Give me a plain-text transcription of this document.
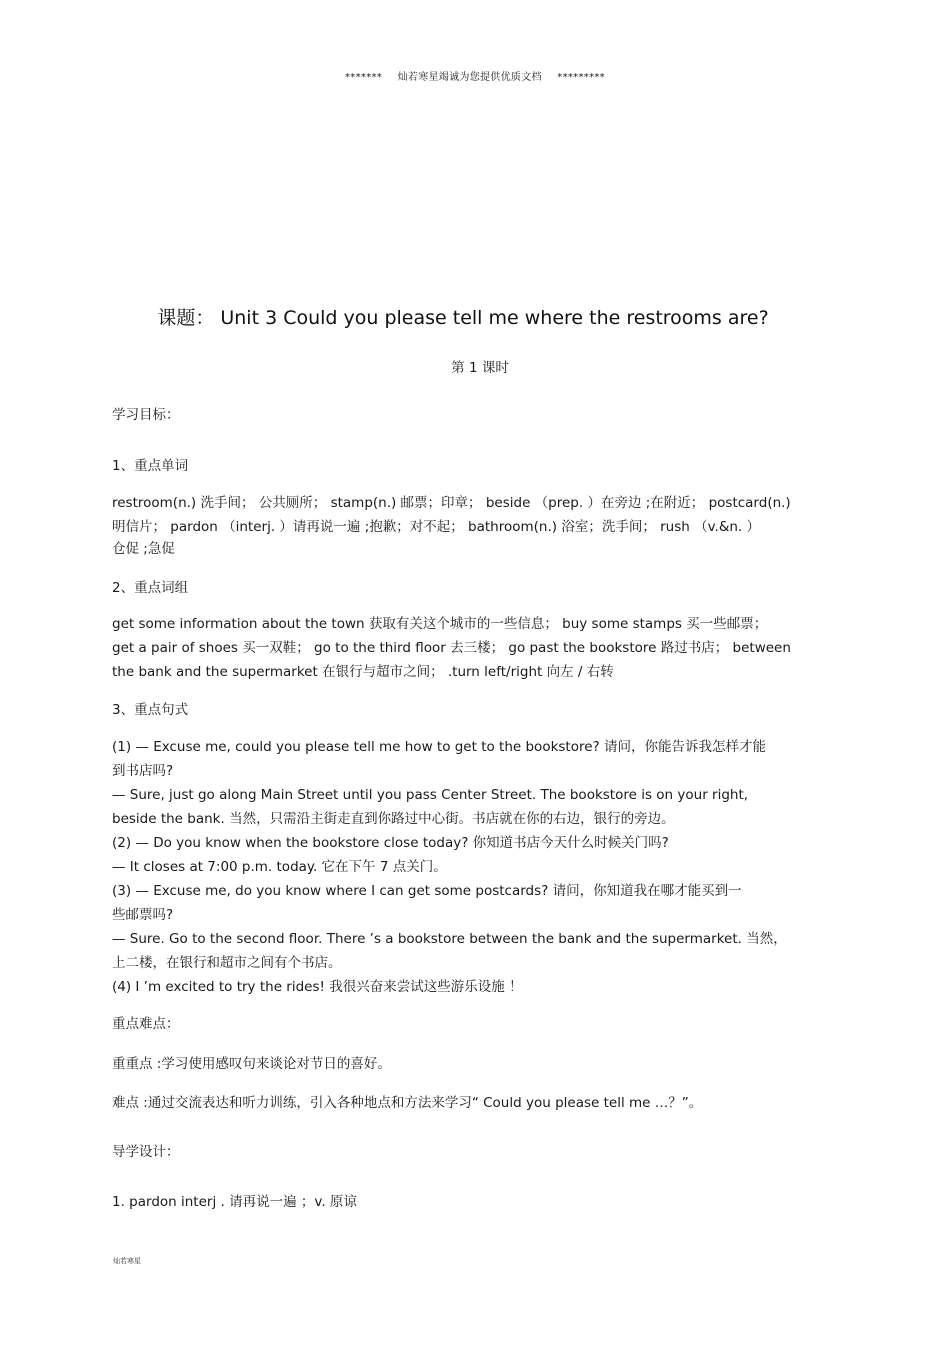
******* 灿若寒星竭诚为您提供优质文档 *********
课题： Unit 3 Could you please tell me where the restrooms are?
第 1 课时

学习目标：

1、重点单词

restroom(n.) 洗手间； 公共厕所； stamp(n.) 邮票；印章； beside （prep. ）在旁边 ;在附近； postcard(n.)

明信片； pardon （interj. ）请再说一遍 ;抱歉；对不起； bathroom(n.) 浴室；洗手间； rush （v.&n. ）

仓促 ;急促

2、重点词组

get some information about the town 获取有关这个城市的一些信息； buy some stamps 买一些邮票；

get a pair of shoes 买一双鞋； go to the third floor 去三楼； go past the bookstore 路过书店； between

the bank and the supermarket 在银行与超市之间； .turn left/right 向左 / 右转

3、重点句式

(1) — Excuse me, could you please tell me how to get to the bookstore? 请问，你能告诉我怎样才能

到书店吗?

— Sure, just go along Main Street until you pass Center Street. The bookstore is on your right,

beside the bank. 当然，只需沿主街走直到你路过中心街。书店就在你的右边，银行的旁边。

(2) — Do you know when the bookstore close today? 你知道书店今天什么时候关门吗?

— It closes at 7:00 p.m. today. 它在下午 7 点关门。

(3) — Excuse me, do you know where I can get some postcards? 请问，你知道我在哪才能买到一

些邮票吗?

— Sure. Go to the second floor. There ’s a bookstore between the bank and the supermarket. 当然，

上二楼，在银行和超市之间有个书店。

(4) I ’m excited to try the rides! 我很兴奋来尝试这些游乐设施 ！

重点难点：

重重点 :学习使用感叹句来谈论对节日的喜好。

难点 :通过交流表达和听力训练，引入各种地点和方法来学习“ Could you please tell me …？”。

导学设计：

1. pardon interj . 请再说一遍 ；v. 原谅

灿若寒星
